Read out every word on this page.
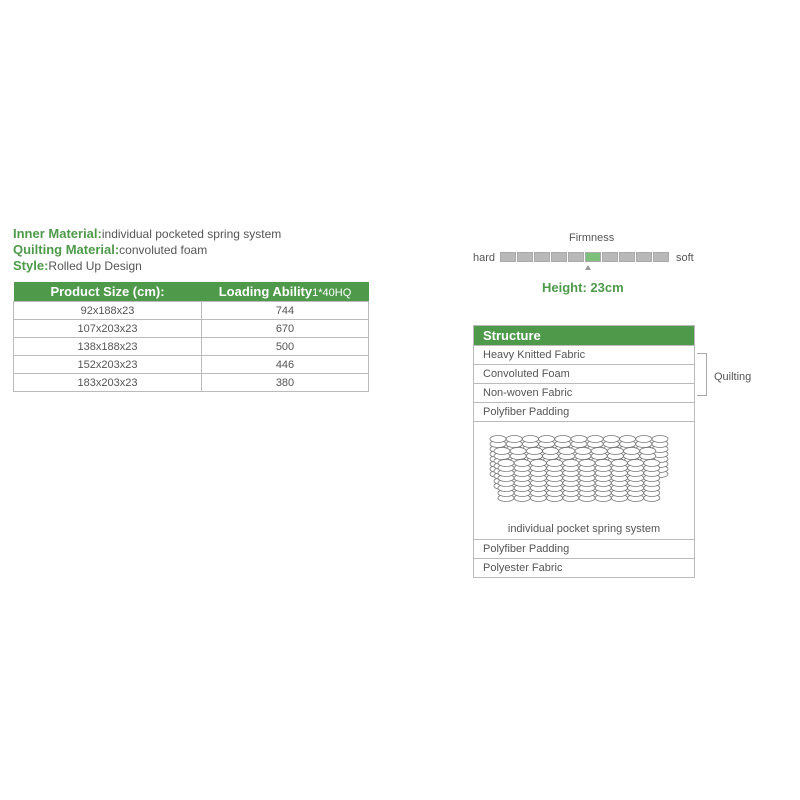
Inner Material:individual pocketed spring system
Quilting Material:convoluted foam
Style:Rolled Up Design
Product Size (cm):	Loading Ability1*40HQ
92x188x23	744
107x203x23	670
138x188x23	500
152x203x23	446
183x203x23	380
Firmness
hard	soft
Height: 23cm
Structure
Heavy Knitted Fabric
Convoluted Foam
Non-woven Fabric
Polyfiber Padding
individual pocket spring system
Polyfiber Padding
Polyester Fabric
Quilting
